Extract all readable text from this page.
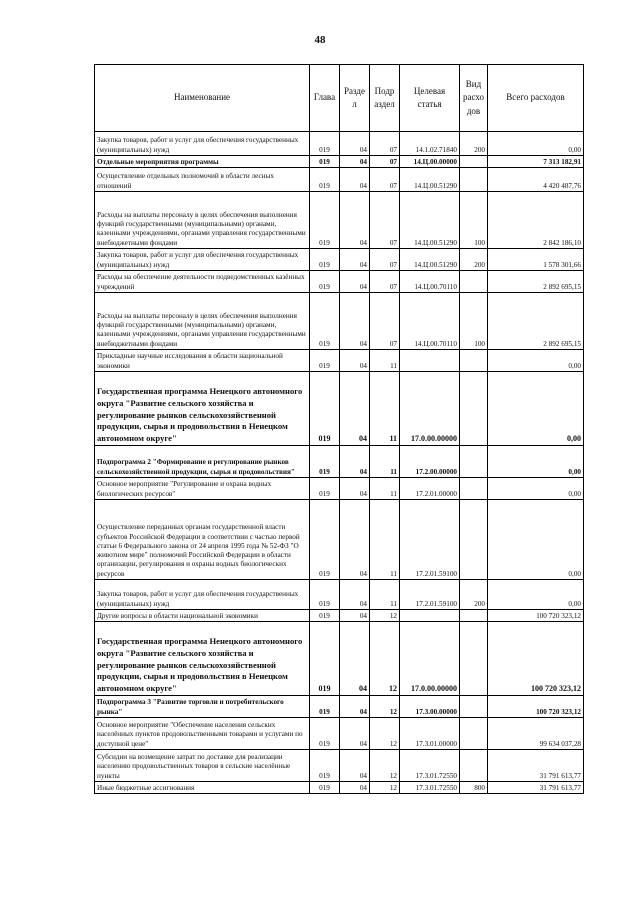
48
Наименование	Глава	Разде л	Подр аздел	Целевая статья	Вид расхо дов	Всего расходов
Закупка товаров, работ и услуг для обеспечения государственных (муниципальных) нужд	019	04	07	14.1.02.71840	200	0,00
Отдельные мероприятия программы	019	04	07	14.Ц.00.00000		7 313 182,91
Осуществление отдельных полномочий в области лесных отношений	019	04	07	14.Ц.00.51290		4 420 487,76
Расходы на выплаты персоналу в целях обеспечения выполнения функций государственными (муниципальными) органами, казенными учреждениями, органами управления государственными внебюджетными фондами	019	04	07	14.Ц.00.51290	100	2 842 186,10
Закупка товаров, работ и услуг для обеспечения государственных (муниципальных) нужд	019	04	07	14.Ц.00.51290	200	1 578 301,66
Расходы на обеспечение деятельности подведомственных казённых учреждений	019	04	07	14.Ц.00.70110		2 892 695,15
Расходы на выплаты персоналу в целях обеспечения выполнения функций государственными (муниципальными) органами, казенными учреждениями, органами управления государственными внебюджетными фондами	019	04	07	14.Ц.00.70110	100	2 892 695,15
Прикладные научные исследования в области национальной экономики	019	04	11			0,00
Государственная программа Ненецкого автономного округа "Развитие сельского хозяйства и регулирование рынков сельскохозяйственной продукции, сырья и продовольствия в Ненецком автономном округе"	019	04	11	17.0.00.00000		0,00
Подпрограмма 2 "Формирование и регулирование рынков сельскохозяйственной продукции, сырья и продовольствия"	019	04	11	17.2.00.00000		0,00
Основное мероприятие "Регулирование и охрана водных биологических ресурсов"	019	04	11	17.2.01.00000		0,00
Осуществление переданных органам государственной власти субъектов Российской Федерации в соответствии с частью первой статьи 6 Федерального закона от 24 апреля 1995 года № 52-ФЗ "О животном мире" полномочий Российской Федерации в области организации, регулирования и охраны водных биологических ресурсов	019	04	11	17.2.01.59100		0,00
Закупка товаров, работ и услуг для обеспечения государственных (муниципальных) нужд	019	04	11	17.2.01.59100	200	0,00
Другие вопросы в области национальной экономики	019	04	12			100 720 323,12
Государственная программа Ненецкого автономного округа "Развитие сельского хозяйства и регулирование рынков сельскохозяйственной продукции, сырья и продовольствия в Ненецком автономном округе"	019	04	12	17.0.00.00000		100 720 323,12
Подпрограмма 3 "Развитие торговли и потребительского рынка"	019	04	12	17.3.00.00000		100 720 323,12
Основное мероприятие "Обеспечение населения сельских населённых пунктов продовольственными товарами и услугами по доступной цене"	019	04	12	17.3.01.00000		99 634 037,28
Субсидии на возмещение затрат по доставке для реализации населению продовольственных товаров в сельские населённые пункты	019	04	12	17.3.01.72550		31 791 613,77
Иные бюджетные ассигнования	019	04	12	17.3.01.72550	800	31 791 613,77
